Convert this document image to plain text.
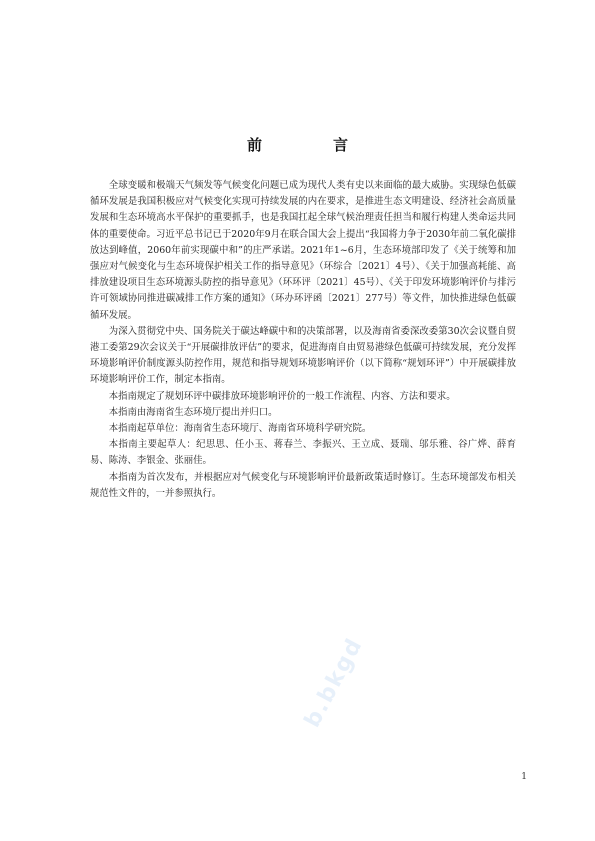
前　言

全球变暖和极端天气频发等气候变化问题已成为现代人类有史以来面临的最大威胁。实现绿色低碳循环发展是我国积极应对气候变化实现可持续发展的内在要求，是推进生态文明建设、经济社会高质量发展和生态环境高水平保护的重要抓手，也是我国扛起全球气候治理责任担当和履行构建人类命运共同体的重要使命。习近平总书记已于2020年9月在联合国大会上提出“我国将力争于2030年前二氧化碳排放达到峰值，2060年前实现碳中和”的庄严承诺。2021年1~6月，生态环境部印发了《关于统筹和加强应对气候变化与生态环境保护相关工作的指导意见》（环综合〔2021〕4号）、《关于加强高耗能、高排放建设项目生态环境源头防控的指导意见》（环环评〔2021〕45号）、《关于印发环境影响评价与排污许可领域协同推进碳减排工作方案的通知》（环办环评函〔2021〕277号）等文件，加快推进绿色低碳循环发展。

为深入贯彻党中央、国务院关于碳达峰碳中和的决策部署，以及海南省委深改委第30次会议暨自贸港工委第29次会议关于“开展碳排放评估”的要求，促进海南自由贸易港绿色低碳可持续发展，充分发挥环境影响评价制度源头防控作用，规范和指导规划环境影响评价（以下简称“规划环评”）中开展碳排放环境影响评价工作，制定本指南。

本指南规定了规划环评中碳排放环境影响评价的一般工作流程、内容、方法和要求。

本指南由海南省生态环境厅提出并归口。

本指南起草单位：海南省生态环境厅、海南省环境科学研究院。

本指南主要起草人：纪思思、任小玉、蒋春兰、李振兴、王立成、聂瑞、邬乐雅、谷广烨、薛育易、陈涛、李银金、张丽佳。

本指南为首次发布，并根据应对气候变化与环境影响评价最新政策适时修订。生态环境部发布相关规范性文件的，一并参照执行。

b.bkgd
1
